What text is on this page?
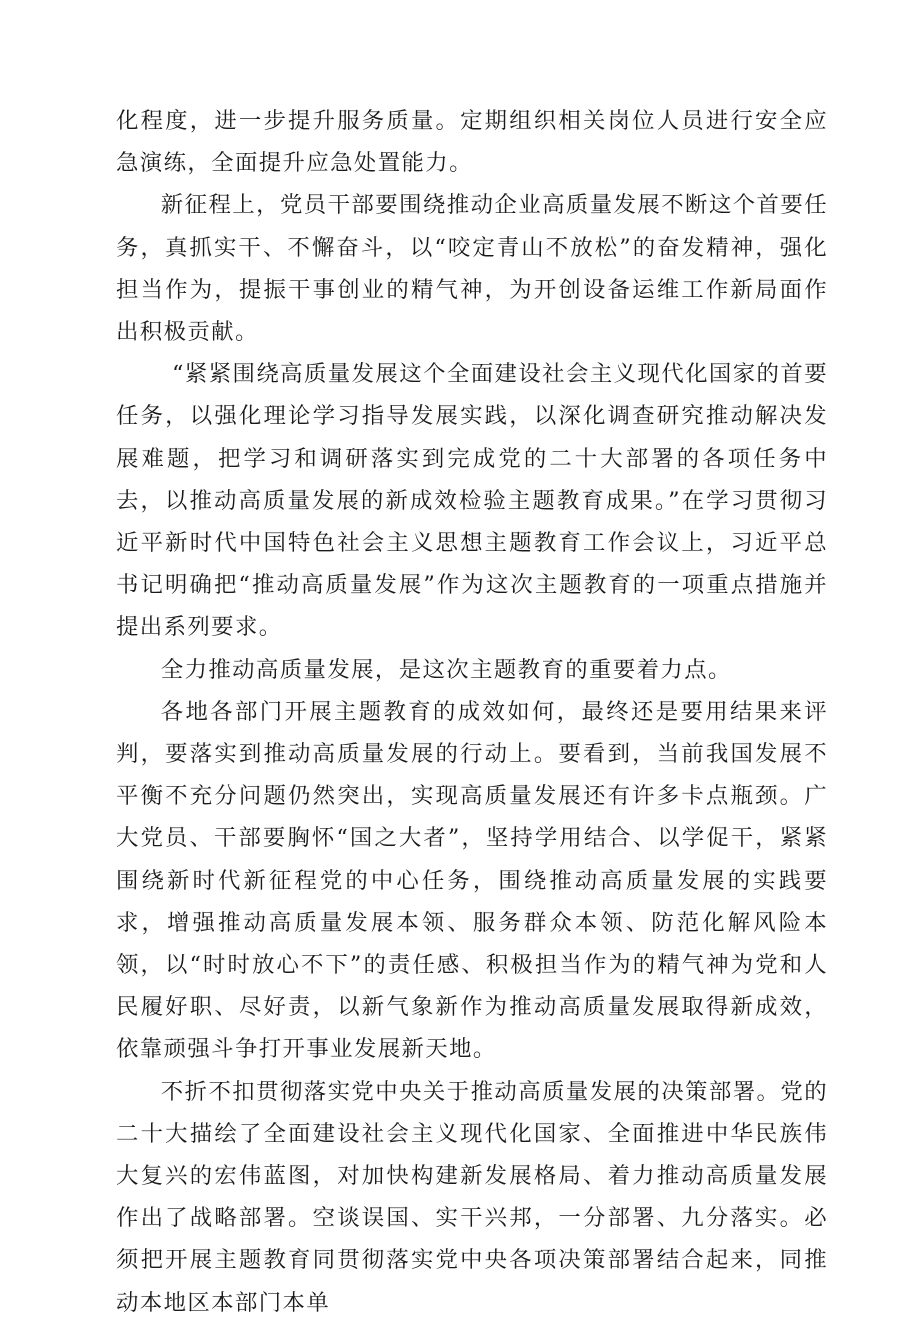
化程度，进一步提升服务质量。定期组织相关岗位人员进行安全应急演练，全面提升应急处置能力。

新征程上，党员干部要围绕推动企业高质量发展不断这个首要任务，真抓实干、不懈奋斗，以“咬定青山不放松”的奋发精神，强化担当作为，提振干事创业的精气神，为开创设备运维工作新局面作出积极贡献。

“紧紧围绕高质量发展这个全面建设社会主义现代化国家的首要任务，以强化理论学习指导发展实践，以深化调查研究推动解决发展难题，把学习和调研落实到完成党的二十大部署的各项任务中去，以推动高质量发展的新成效检验主题教育成果。”在学习贯彻习近平新时代中国特色社会主义思想主题教育工作会议上，习近平总书记明确把“推动高质量发展”作为这次主题教育的一项重点措施并提出系列要求。

全力推动高质量发展，是这次主题教育的重要着力点。

各地各部门开展主题教育的成效如何，最终还是要用结果来评判，要落实到推动高质量发展的行动上。要看到，当前我国发展不平衡不充分问题仍然突出，实现高质量发展还有许多卡点瓶颈。广大党员、干部要胸怀“国之大者”，坚持学用结合、以学促干，紧紧围绕新时代新征程党的中心任务，围绕推动高质量发展的实践要求，增强推动高质量发展本领、服务群众本领、防范化解风险本领，以“时时放心不下”的责任感、积极担当作为的精气神为党和人民履好职、尽好责，以新气象新作为推动高质量发展取得新成效，依靠顽强斗争打开事业发展新天地。

不折不扣贯彻落实党中央关于推动高质量发展的决策部署。党的二十大描绘了全面建设社会主义现代化国家、全面推进中华民族伟大复兴的宏伟蓝图，对加快构建新发展格局、着力推动高质量发展作出了战略部署。空谈误国、实干兴邦，一分部署、九分落实。必须把开展主题教育同贯彻落实党中央各项决策部署结合起来，同推动本地区本部门本单
